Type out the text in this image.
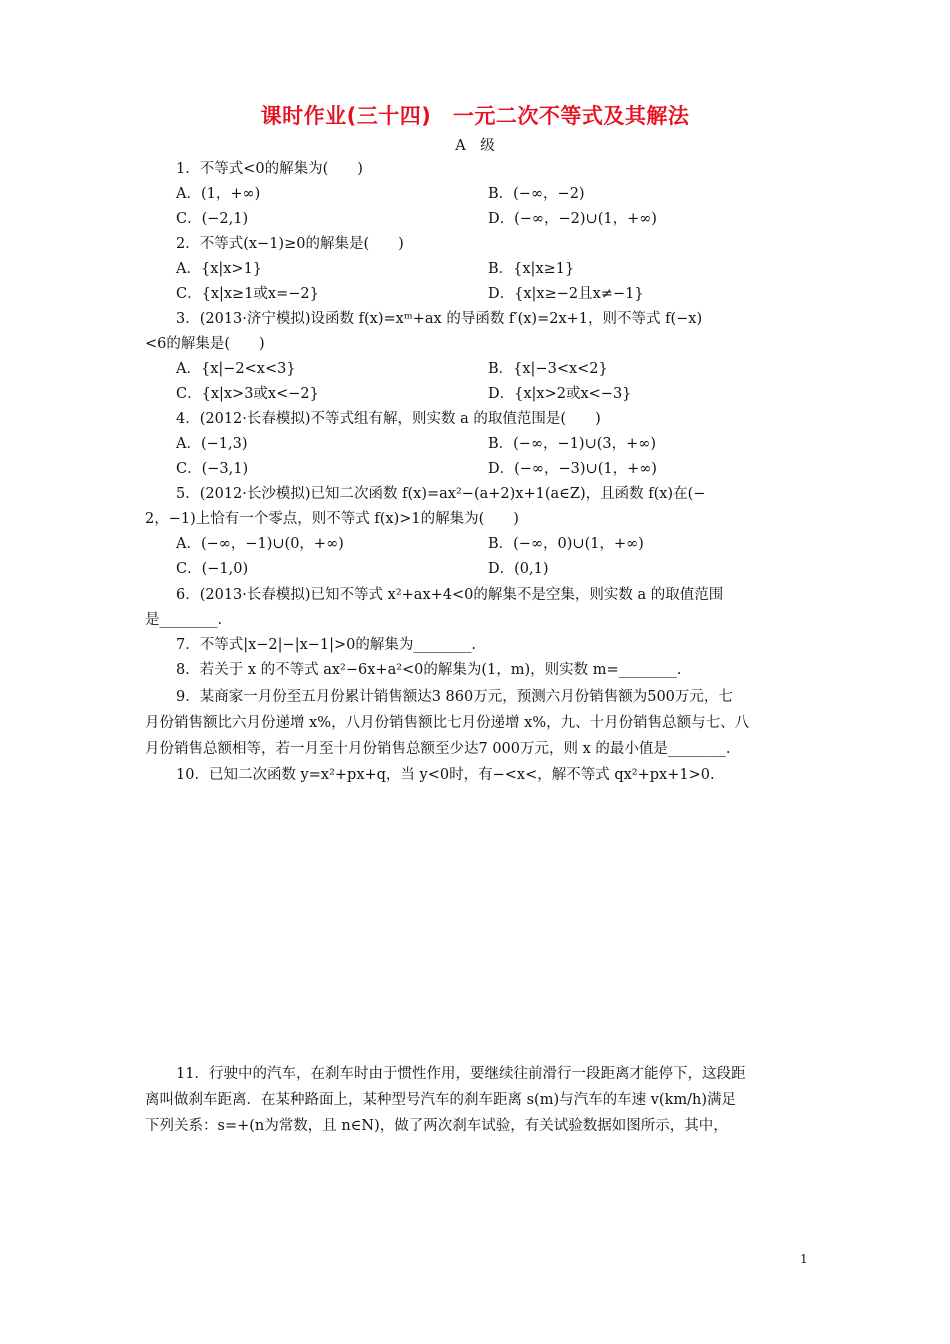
课时作业(三十四)　一元二次不等式及其解法
A　级
1．不等式<0的解集为(　　)
A．(1，+∞)	B．(−∞，−2)
C．(−2,1)	D．(−∞，−2)∪(1，+∞)
2．不等式(x−1)≥0的解集是(　　)
A．{x|x>1}	B．{x|x≥1}
C．{x|x≥1或x=−2}	D．{x|x≥−2且x≠−1}
3．(2013·济宁模拟)设函数 f(x)=xᵐ+ax 的导函数 f′(x)=2x+1，则不等式 f(−x)
<6的解集是(　　)
A．{x|−2<x<3}	B．{x|−3<x<2}
C．{x|x>3或x<−2}	D．{x|x>2或x<−3}
4．(2012·长春模拟)不等式组有解，则实数 a 的取值范围是(　　)
A．(−1,3)	B．(−∞，−1)∪(3，+∞)
C．(−3,1)	D．(−∞，−3)∪(1，+∞)
5．(2012·长沙模拟)已知二次函数 f(x)=ax²−(a+2)x+1(a∈Z)，且函数 f(x)在(−
2，−1)上恰有一个零点，则不等式 f(x)>1的解集为(　　)
A．(−∞，−1)∪(0，+∞)	B．(−∞，0)∪(1，+∞)
C．(−1,0)	D．(0,1)
6．(2013·长春模拟)已知不等式 x²+ax+4<0的解集不是空集，则实数 a 的取值范围
是________.
7．不等式|x−2|−|x−1|>0的解集为________.
8．若关于 x 的不等式 ax²−6x+a²<0的解集为(1，m)，则实数 m=________.
9．某商家一月份至五月份累计销售额达3 860万元，预测六月份销售额为500万元，七
月份销售额比六月份递增 x%，八月份销售额比七月份递增 x%，九、十月份销售总额与七、八
月份销售总额相等，若一月至十月份销售总额至少达7 000万元，则 x 的最小值是________.
10．已知二次函数 y=x²+px+q，当 y<0时，有−<x<，解不等式 qx²+px+1>0.
11．行驶中的汽车，在刹车时由于惯性作用，要继续往前滑行一段距离才能停下，这段距
离叫做刹车距离．在某种路面上，某种型号汽车的刹车距离 s(m)与汽车的车速 v(km/h)满足
下列关系：s=+(n为常数，且 n∈N)，做了两次刹车试验，有关试验数据如图所示，其中，
1
